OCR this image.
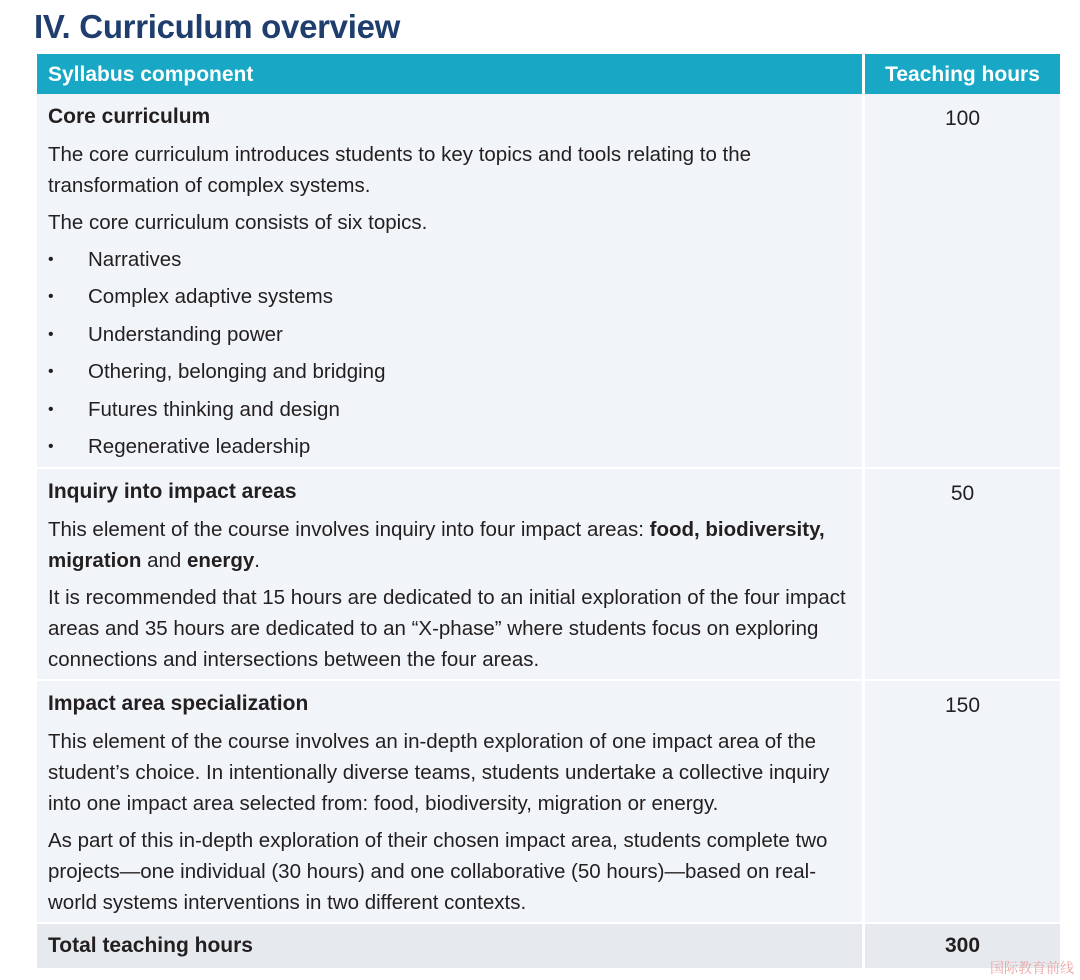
IV. Curriculum overview
Syllabus component	Teaching hours
Core curriculum

The core curriculum introduces students to key topics and tools relating to the transformation of complex systems.

The core curriculum consists of six topics.

• Narratives
• Complex adaptive systems
• Understanding power
• Othering, belonging and bridging
• Futures thinking and design
• Regenerative leadership
100
Inquiry into impact areas

This element of the course involves inquiry into four impact areas: food, biodiversity, migration and energy.

It is recommended that 15 hours are dedicated to an initial exploration of the four impact areas and 35 hours are dedicated to an “X-phase” where students focus on exploring connections and intersections between the four areas.

50
Impact area specialization

This element of the course involves an in-depth exploration of one impact area of the student’s choice. In intentionally diverse teams, students undertake a collective inquiry into one impact area selected from: food, biodiversity, migration or energy.

As part of this in-depth exploration of their chosen impact area, students complete two projects—one individual (30 hours) and one collaborative (50 hours)—based on real-world systems interventions in two different contexts.

150
Total teaching hours	300
国际教育前线
